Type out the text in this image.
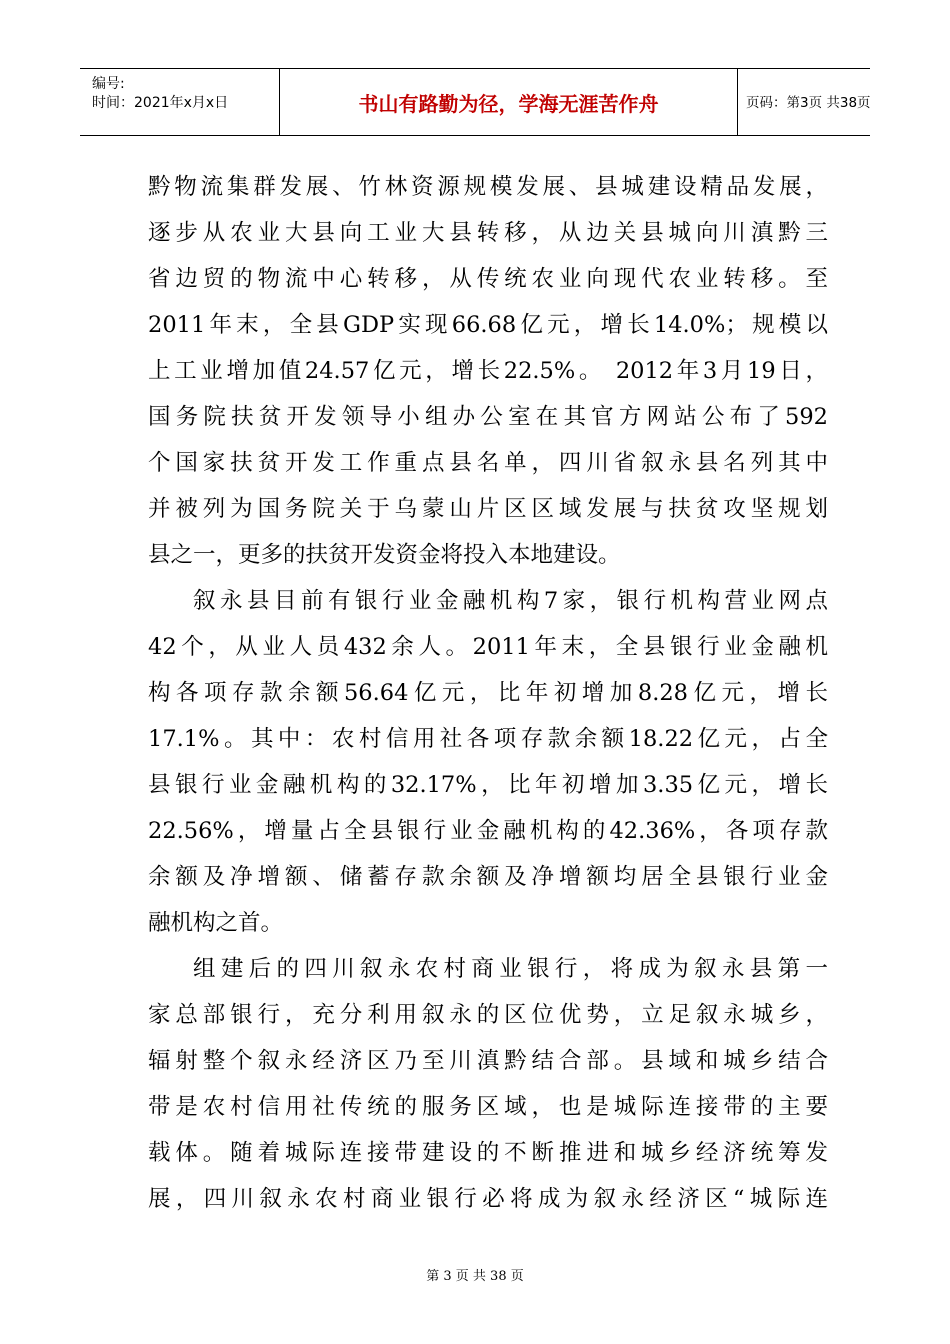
编号:
时间：2021年x月x日	书山有路勤为径，学海无涯苦作舟	页码：第3页 共38页
黔物流集群发展、竹林资源规模发展、县城建设精品发展，
逐步从农业大县向工业大县转移，从边关县城向川滇黔三
省边贸的物流中心转移，从传统农业向现代农业转移。至
2011年末，全县GDP实现66.68亿元，增长14.0%；规模以
上工业增加值24.57亿元，增长22.5%。 2012年3月19日，
国务院扶贫开发领导小组办公室在其官方网站公布了592
个国家扶贫开发工作重点县名单，四川省叙永县名列其中
并被列为国务院关于乌蒙山片区区域发展与扶贫攻坚规划
县之一，更多的扶贫开发资金将投入本地建设。
叙永县目前有银行业金融机构7家，银行机构营业网点
42个，从业人员432余人。2011年末，全县银行业金融机
构各项存款余额56.64亿元，比年初增加8.28亿元，增长
17.1%。其中：农村信用社各项存款余额18.22亿元，占全
县银行业金融机构的32.17%，比年初增加3.35亿元，增长
22.56%，增量占全县银行业金融机构的42.36%，各项存款
余额及净增额、储蓄存款余额及净增额均居全县银行业金
融机构之首。
组建后的四川叙永农村商业银行，将成为叙永县第一
家总部银行，充分利用叙永的区位优势，立足叙永城乡，
辐射整个叙永经济区乃至川滇黔结合部。县域和城乡结合
带是农村信用社传统的服务区域，也是城际连接带的主要
载体。随着城际连接带建设的不断推进和城乡经济统筹发
展，四川叙永农村商业银行必将成为叙永经济区“城际连
第 3 页 共 38 页
